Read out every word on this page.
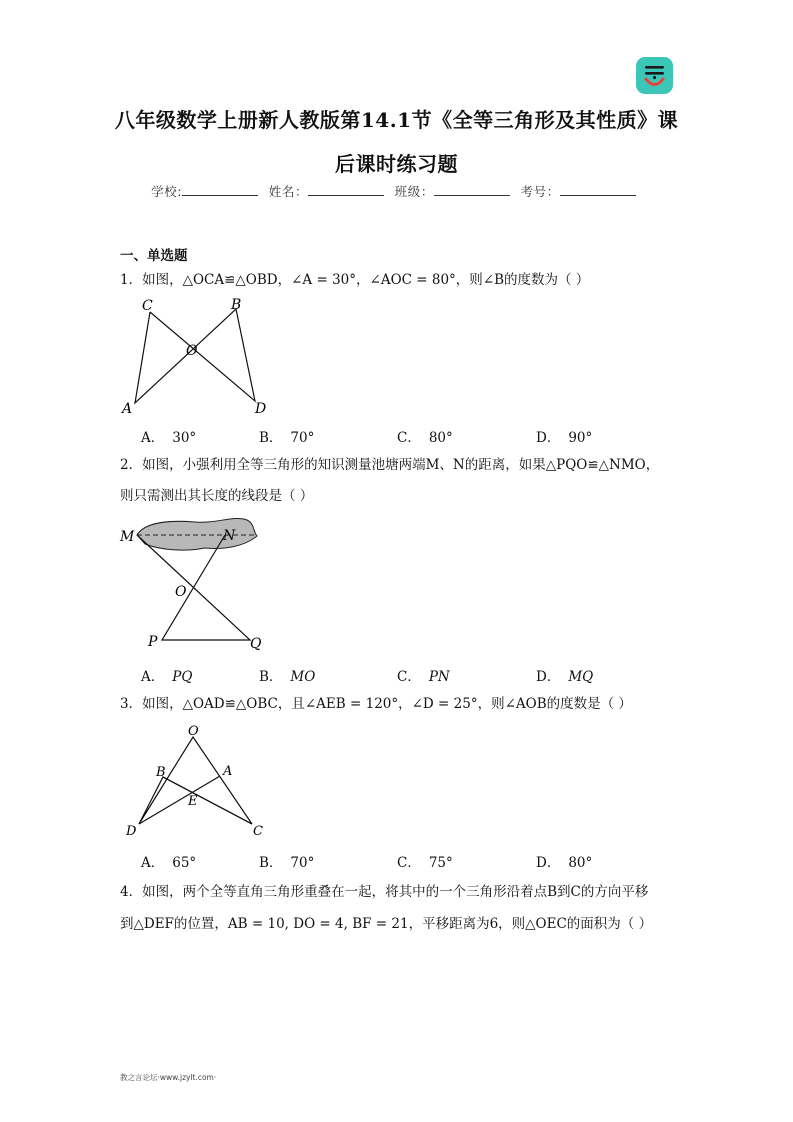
八年级数学上册新人教版第14.1节《全等三角形及其性质》课
后课时练习题
学校:	姓名：	班级：	考号：
一、单选题
1．如图，△OCA≌△OBD，∠A = 30°，∠AOC = 80°，则∠B的度数为（ ）
C	B
O
A	D
A． 30°	B． 70°	C． 80°	D． 90°
2．如图，小强利用全等三角形的知识测量池塘两端M、N的距离，如果△PQO≌△NMO，
则只需测出其长度的线段是（ ）
M	N
O
P	Q
A． PQ	B． MO	C． PN	D． MQ
3．如图，△OAD≌△OBC，且∠AEB = 120°，∠D = 25°，则∠AOB的度数是（ ）
O
B	A
E
D	C
A． 65°	B． 70°	C． 75°	D． 80°
4．如图，两个全等直角三角形重叠在一起，将其中的一个三角形沿着点B到C的方向平移
到△DEF的位置，AB = 10, DO = 4, BF = 21，平移距离为6，则△OEC的面积为（ ）
教之言论坛·www.jzylt.com·
